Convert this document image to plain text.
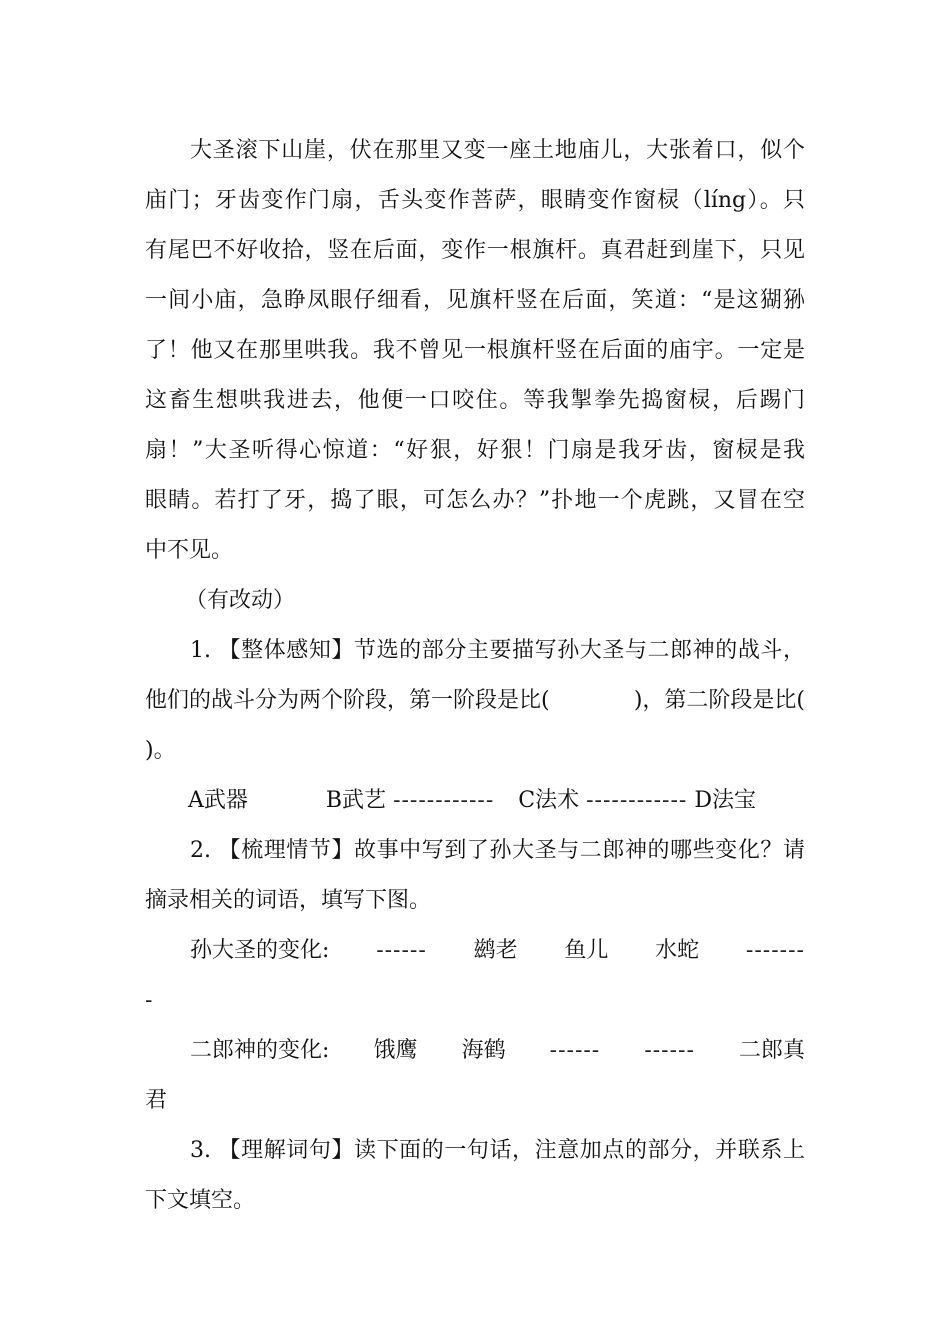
大圣滚下山崖，伏在那里又变一座土地庙儿，大张着口，似个
庙门；牙齿变作门扇，舌头变作菩萨，眼睛变作窗棂（líng）。只
有尾巴不好收拾，竖在后面，变作一根旗杆。真君赶到崖下，只见
一间小庙，急睁凤眼仔细看，见旗杆竖在后面，笑道：“是这猢狲
了！他又在那里哄我。我不曾见一根旗杆竖在后面的庙宇。一定是
这畜生想哄我进去，他便一口咬住。等我掣拳先捣窗棂，后踢门
扇！”大圣听得心惊道：“好狠，好狠！门扇是我牙齿，窗棂是我
眼睛。若打了牙，捣了眼，可怎么办？”扑地一个虎跳，又冒在空
中不见。
（有改动）
1. 【整体感知】节选的部分主要描写孙大圣与二郎神的战斗，
他们的战斗分为两个阶段，第一阶段是比(	)，第二阶段是比(
)。
A武器	B武艺 ------------ C法术 ------------ D法宝
2. 【梳理情节】故事中写到了孙大圣与二郎神的哪些变化？请
摘录相关的词语，填写下图。
孙大圣的变化: ------ 鹚老 鱼儿 水蛇 -------
-
二郎神的变化: 饿鹰 海鹤 ------ ------ 二郎真
君
3. 【理解词句】读下面的一句话，注意加点的部分，并联系上
下文填空。
